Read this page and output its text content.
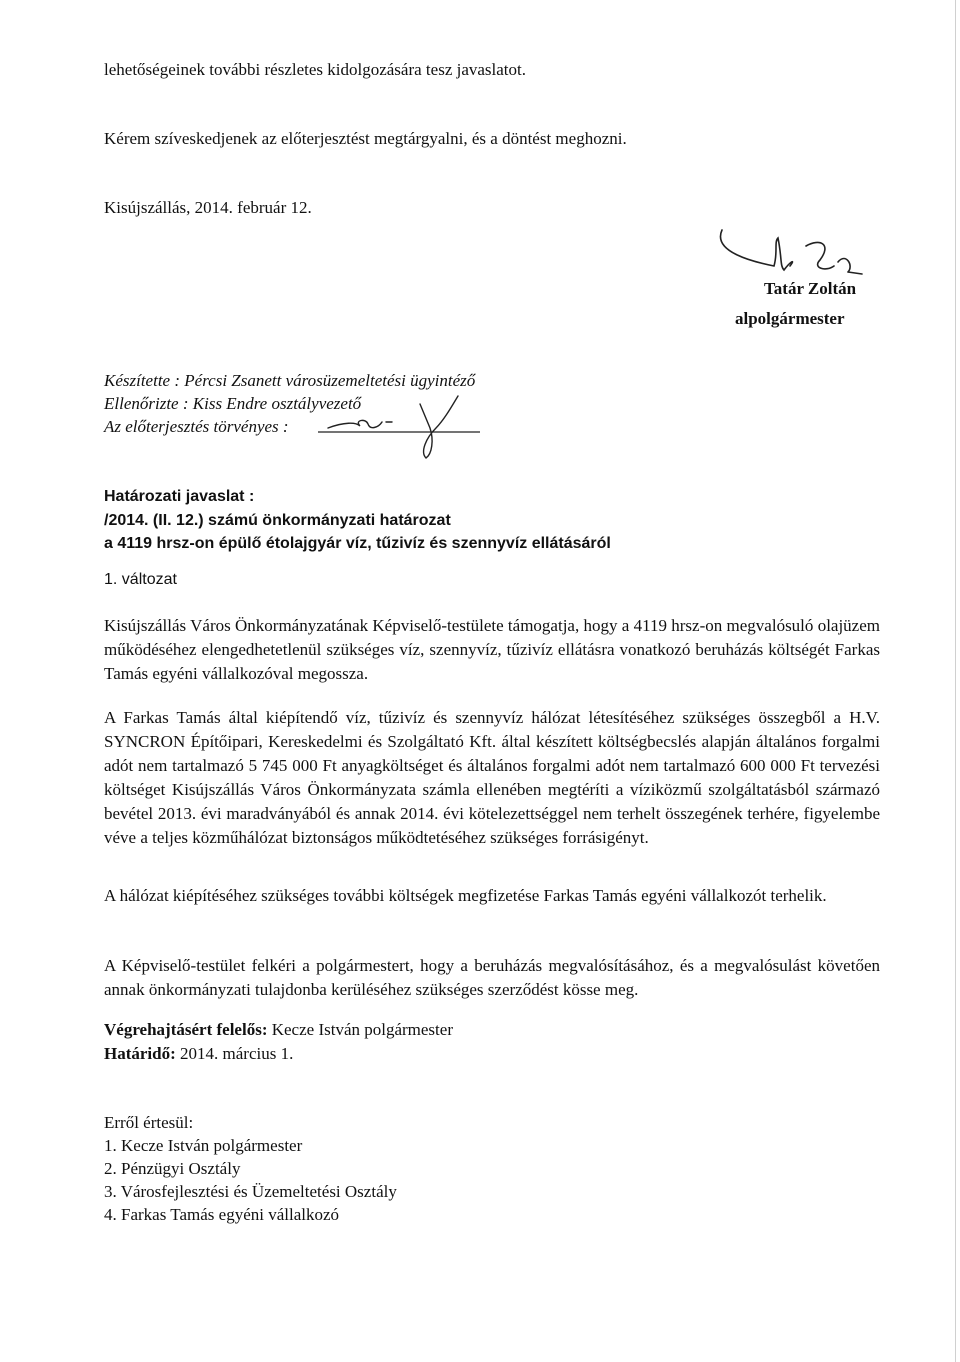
lehetőségeinek további részletes kidolgozására tesz javaslatot.

Kérem szíveskedjenek az előterjesztést megtárgyalni, és a döntést meghozni.

Kisújszállás, 2014. február 12.

Tatár Zoltán
alpolgármester

Készítette : Pércsi Zsanett városüzemeltetési ügyintéző

Ellenőrizte : Kiss Endre osztályvezető

Az előterjesztés törvényes :

Határozati javaslat :

/2014. (II. 12.) számú önkormányzati határozat

a 4119 hrsz-on épülő étolajgyár víz, tűzivíz és szennyvíz ellátásáról

1. változat

Kisújszállás Város Önkormányzatának Képviselő-testülete támogatja, hogy a 4119 hrsz-on megvalósuló olajüzem működéséhez elengedhetetlenül szükséges víz, szennyvíz, tűzivíz ellátásra vonatkozó beruházás költségét Farkas Tamás egyéni vállalkozóval megossza.

A Farkas Tamás által kiépítendő víz, tűzivíz és szennyvíz hálózat létesítéséhez szükséges összegből a H.V. SYNCRON Építőipari, Kereskedelmi és Szolgáltató Kft. által készített költségbecslés alapján általános forgalmi adót nem tartalmazó 5 745 000 Ft anyagköltséget és általános forgalmi adót nem tartalmazó 600 000 Ft tervezési költséget Kisújszállás Város Önkormányzata számla ellenében megtéríti a víziközmű szolgáltatásból származó bevétel 2013. évi maradványából és annak 2014. évi kötelezettséggel nem terhelt összegének terhére, figyelembe véve a teljes közműhálózat biztonságos működtetéséhez szükséges forrásigényt.

A hálózat kiépítéséhez szükséges további költségek megfizetése Farkas Tamás egyéni vállalkozót terhelik.

A Képviselő-testület felkéri a polgármestert, hogy a beruházás megvalósításához, és a megvalósulást követően annak önkormányzati tulajdonba kerüléséhez szükséges szerződést kösse meg.

Végrehajtásért felelős: Kecze István polgármester

Határidő: 2014. március 1.

Erről értesül:

1. Kecze István polgármester

2. Pénzügyi Osztály

3. Városfejlesztési és Üzemeltetési Osztály

4. Farkas Tamás egyéni vállalkozó
